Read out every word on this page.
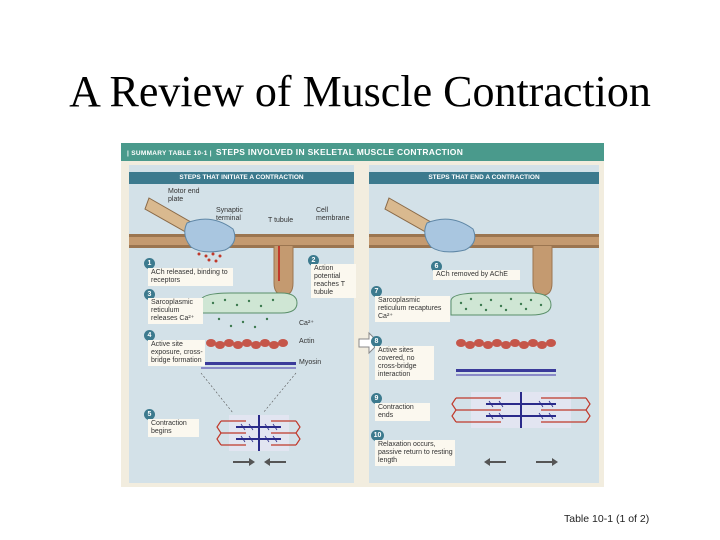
A Review of Muscle Contraction
| SUMMARY TABLE 10-1 | STEPS INVOLVED IN SKELETAL MUSCLE CONTRACTION
STEPS THAT INITIATE A CONTRACTION	STEPS THAT END A CONTRACTION
Motor end plate
Synaptic terminal	T tubule
Cell membrane
Ca²⁺
Actin
Myosin
1
ACh released, binding to receptors
2
Action potential reaches T tubule
3
Sarcoplasmic reticulum releases Ca²⁺
4
Active site exposure, cross-bridge formation
5
Contraction begins
6
ACh removed by AChE
7
Sarcoplasmic reticulum recaptures Ca²⁺
8
Active sites covered, no cross-bridge interaction
9
Contraction ends
10
Relaxation occurs, passive return to resting length
Table 10-1 (1 of 2)
